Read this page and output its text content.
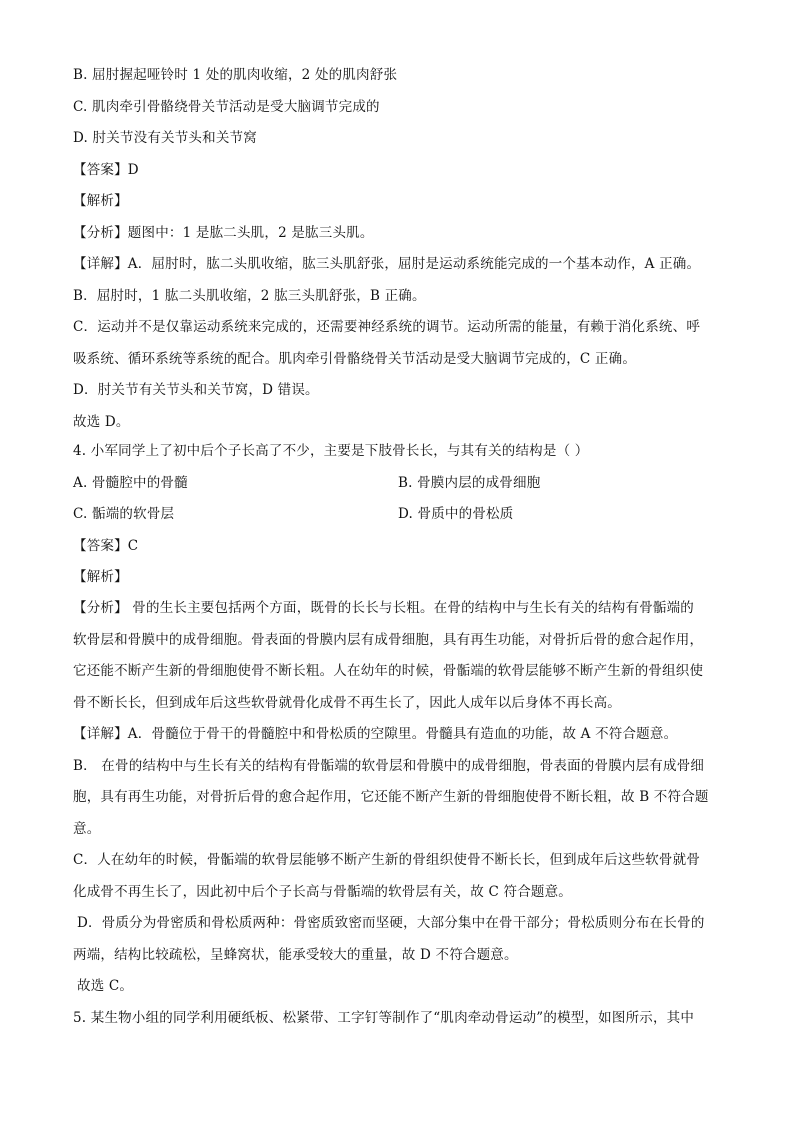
B. 屈肘握起哑铃时 1 处的肌肉收缩，2 处的肌肉舒张
C. 肌肉牵引骨骼绕骨关节活动是受大脑调节完成的
D. 肘关节没有关节头和关节窝
【答案】D
【解析】
【分析】题图中：1 是肱二头肌，2 是肱三头肌。
【详解】A．屈肘时，肱二头肌收缩，肱三头肌舒张，屈肘是运动系统能完成的一个基本动作，A 正确。
B．屈肘时，1 肱二头肌收缩，2 肱三头肌舒张，B 正确。
C．运动并不是仅靠运动系统来完成的，还需要神经系统的调节。运动所需的能量，有赖于消化系统、呼
吸系统、循环系统等系统的配合。肌肉牵引骨骼绕骨关节活动是受大脑调节完成的，C 正确。
D．肘关节有关节头和关节窝，D 错误。
故选 D。
4. 小军同学上了初中后个子长高了不少，主要是下肢骨长长，与其有关的结构是（ ）
A. 骨髓腔中的骨髓	B. 骨膜内层的成骨细胞
C. 骺端的软骨层	D. 骨质中的骨松质
【答案】C
【解析】
【分析】 骨的生长主要包括两个方面，既骨的长长与长粗。在骨的结构中与生长有关的结构有骨骺端的
软骨层和骨膜中的成骨细胞。骨表面的骨膜内层有成骨细胞，具有再生功能，对骨折后骨的愈合起作用，
它还能不断产生新的骨细胞使骨不断长粗。人在幼年的时候，骨骺端的软骨层能够不断产生新的骨组织使
骨不断长长，但到成年后这些软骨就骨化成骨不再生长了，因此人成年以后身体不再长高。
【详解】A．骨髓位于骨干的骨髓腔中和骨松质的空隙里。骨髓具有造血的功能，故 A 不符合题意。
B． 在骨的结构中与生长有关的结构有骨骺端的软骨层和骨膜中的成骨细胞，骨表面的骨膜内层有成骨细
胞，具有再生功能，对骨折后骨的愈合起作用，它还能不断产生新的骨细胞使骨不断长粗，故 B 不符合题
意。
C．人在幼年的时候，骨骺端的软骨层能够不断产生新的骨组织使骨不断长长，但到成年后这些软骨就骨
化成骨不再生长了，因此初中后个子长高与骨骺端的软骨层有关，故 C 符合题意。
D．骨质分为骨密质和骨松质两种：骨密质致密而坚硬，大部分集中在骨干部分；骨松质则分布在长骨的
两端，结构比较疏松，呈蜂窝状，能承受较大的重量，故 D 不符合题意。
故选 C。
5. 某生物小组的同学利用硬纸板、松紧带、工字钉等制作了“肌肉牵动骨运动”的模型，如图所示，其中
